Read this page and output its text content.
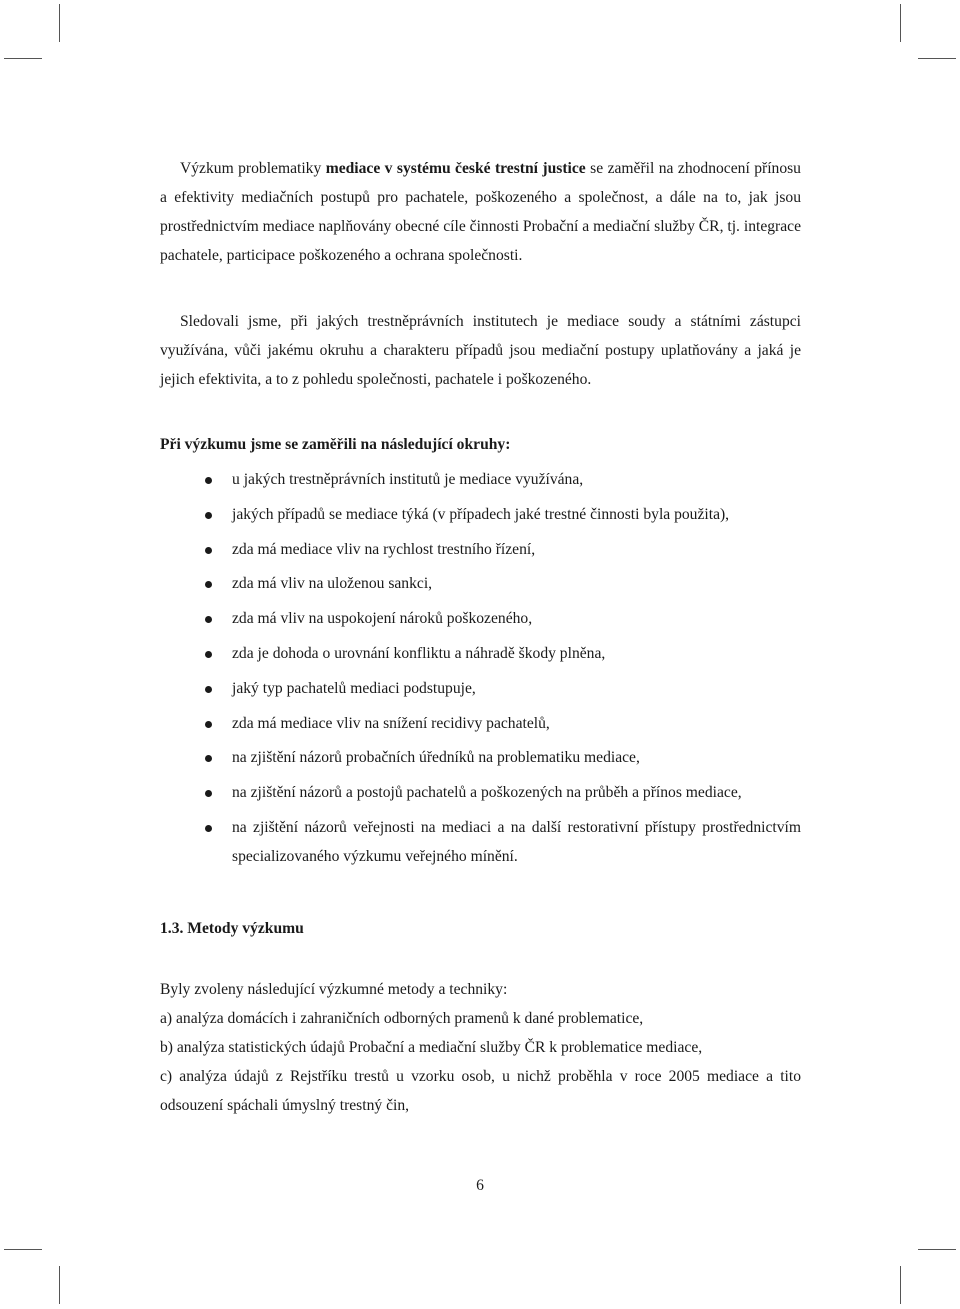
Výzkum problematiky mediace v systému české trestní justice se zaměřil na zhodnocení přínosu a efektivity mediačních postupů pro pachatele, poškozeného a společnost, a dále na to, jak jsou prostřednictvím mediace naplňovány obecné cíle činnosti Probační a mediační služby ČR, tj. integrace pachatele, participace poškozeného a ochrana společnosti.

Sledovali jsme, při jakých trestněprávních institutech je mediace soudy a státními zástupci využívána, vůči jakému okruhu a charakteru případů jsou mediační postupy uplatňovány a jaká je jejich efektivita, a to z pohledu společnosti, pachatele i poškozeného.

Při výzkumu jsme se zaměřili na následující okruhy:

u jakých trestněprávních institutů je mediace využívána,
jakých případů se mediace týká (v případech jaké trestné činnosti byla použita),
zda má mediace vliv na rychlost trestního řízení,
zda má vliv na uloženou sankci,
zda má vliv na uspokojení nároků poškozeného,
zda je dohoda o urovnání konfliktu a náhradě škody plněna,
jaký typ pachatelů mediaci podstupuje,
zda má mediace vliv na snížení recidivy pachatelů,
na zjištění názorů probačních úředníků na problematiku mediace,
na zjištění názorů a postojů pachatelů a poškozených na průběh a přínos mediace,
na zjištění názorů veřejnosti na mediaci a na další restorativní přístupy prostřednictvím specializovaného výzkumu veřejného mínění.

1.3. Metody výzkumu

Byly zvoleny následující výzkumné metody a techniky:

a) analýza domácích i zahraničních odborných pramenů k dané problematice,
b) analýza statistických údajů Probační a mediační služby ČR k problematice mediace,
c) analýza údajů z Rejstříku trestů u vzorku osob, u nichž proběhla v roce 2005 mediace a tito odsouzení spáchali úmyslný trestný čin,
6
